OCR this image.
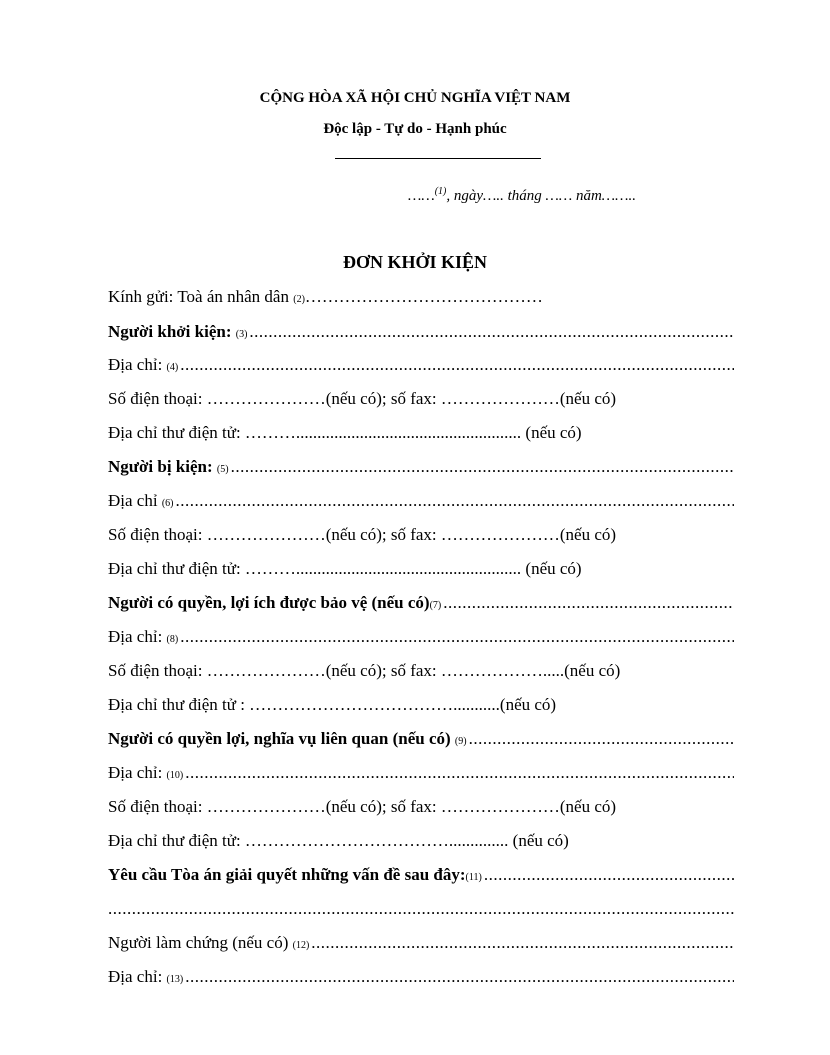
CỘNG HÒA XÃ HỘI CHỦ NGHĨA VIỆT NAM
Độc lập - Tự do - Hạnh phúc
……$^{(1)}$, ngày….. tháng …… năm……..
ĐƠN KHỞI KIỆN
Kính gửi: Toà án nhân dân
(2) ……………………………………
Người khởi kiện:
(3)
.....
Địa chỉ:
(4)
.....
Số điện thoại: …………………(nếu có); số fax: …………………(nếu có)
Địa chỉ thư điện tử: ………..................................................... (nếu có)
Người bị kiện:
(5)
.....
Địa chỉ
(6)
.....
Số điện thoại: …………………(nếu có); số fax: …………………(nếu có)
Địa chỉ thư điện tử: ………..................................................... (nếu có)
Người có quyền, lợi ích được bảo vệ (nếu có) (7)
.....
Địa chỉ:
(8)
.....
Số điện thoại: …………………(nếu có); số fax: ……………….....(nếu có)
Địa chỉ thư điện tử : ………………………………...........(nếu có)
Người có quyền lợi, nghĩa vụ liên quan (nếu có)
(9)
.....
Địa chỉ:
(10)
.....
Số điện thoại: …………………(nếu có); số fax: …………………(nếu có)
Địa chỉ thư điện tử: ……………………………….............. (nếu có)
Yêu cầu Tòa án giải quyết những vấn đề sau đây: (11)
.....
.....
Người làm chứng (nếu có)
(12)
.....
Địa chỉ:
(13)
.....
